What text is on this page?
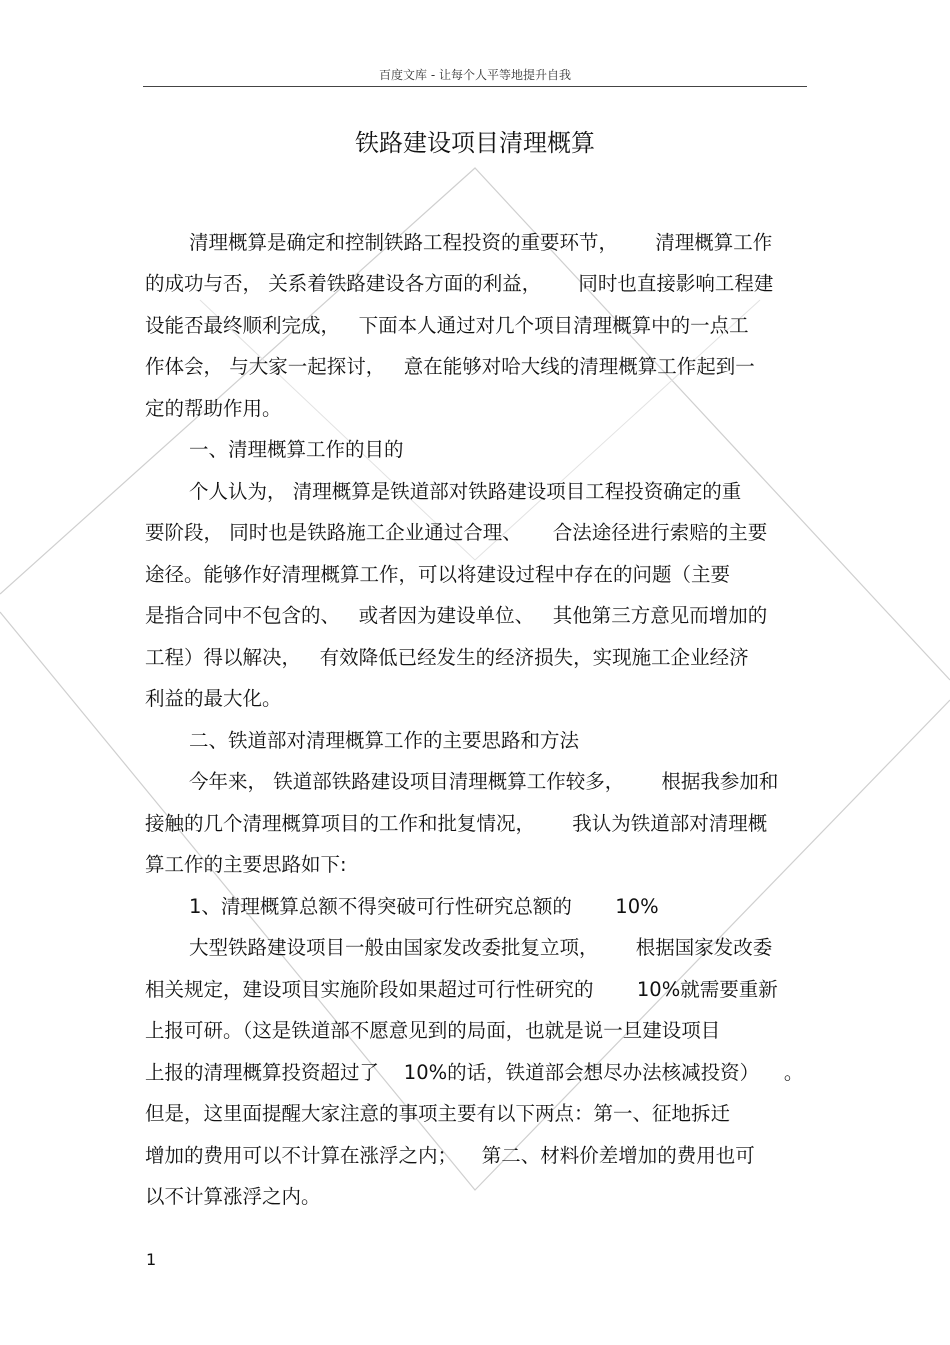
百度文库 - 让每个人平等地提升自我
铁路建设项目清理概算
清理概算是确定和控制铁路工程投资的重要环节，      清理概算工作
的成功与否， 关系着铁路建设各方面的利益，      同时也直接影响工程建
设能否最终顺利完成，   下面本人通过对几个项目清理概算中的一点工
作体会， 与大家一起探讨，   意在能够对哈大线的清理概算工作起到一
定的帮助作用。
一、清理概算工作的目的
个人认为， 清理概算是铁道部对铁路建设项目工程投资确定的重
要阶段， 同时也是铁路施工企业通过合理、     合法途径进行索赔的主要
途径。能够作好清理概算工作，可以将建设过程中存在的问题（主要
是指合同中不包含的、   或者因为建设单位、   其他第三方意见而增加的
工程）得以解决，   有效降低已经发生的经济损失，实现施工企业经济
利益的最大化。
二、铁道部对清理概算工作的主要思路和方法
今年来， 铁道部铁路建设项目清理概算工作较多，      根据我参加和
接触的几个清理概算项目的工作和批复情况，      我认为铁道部对清理概
算工作的主要思路如下:
1、清理概算总额不得突破可行性研究总额的       10%
大型铁路建设项目一般由国家发改委批复立项，      根据国家发改委
相关规定，建设项目实施阶段如果超过可行性研究的       10%就需要重新
上报可研。（这是铁道部不愿意见到的局面，也就是说一旦建设项目
上报的清理概算投资超过了    10%的话，铁道部会想尽办法核减投资）    。
但是，这里面提醒大家注意的事项主要有以下两点：第一、征地拆迁
增加的费用可以不计算在涨浮之内；    第二、材料价差增加的费用也可
以不计算涨浮之内。
1
